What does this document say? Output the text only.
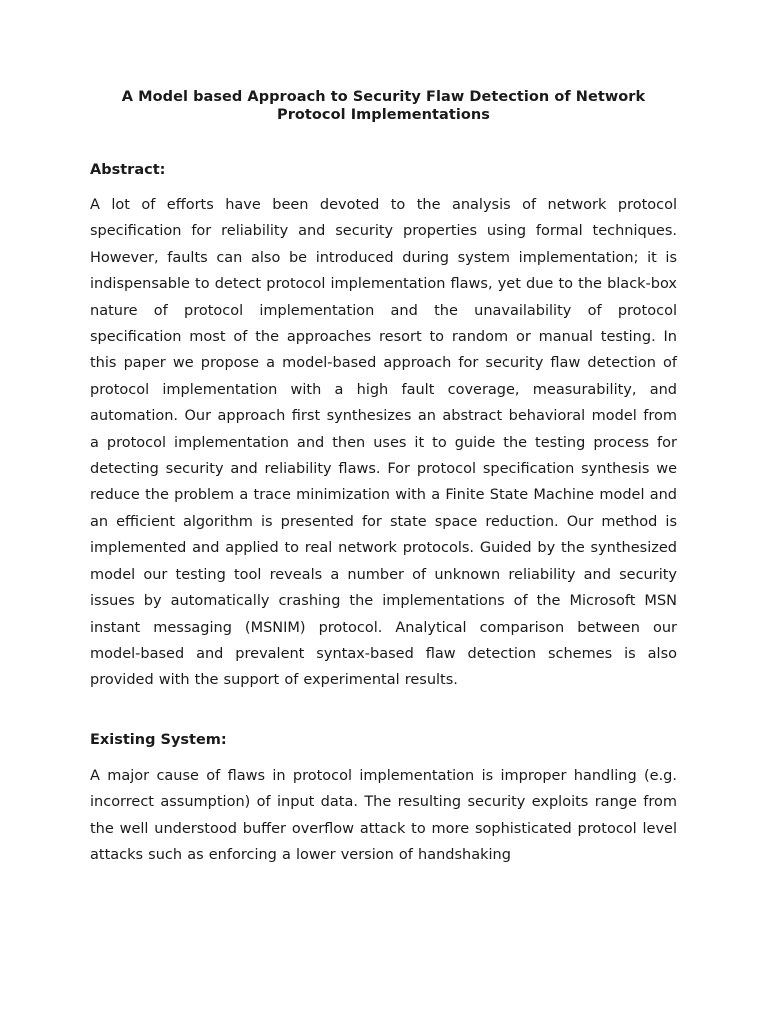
A Model based Approach to Security Flaw Detection of Network Protocol Implementations
Abstract:

A lot of efforts have been devoted to the analysis of network protocol specification for reliability and security properties using formal techniques. However, faults can also be introduced during system implementation; it is indispensable to detect protocol implementation flaws, yet due to the black-box nature of protocol implementation and the unavailability of protocol specification most of the approaches resort to random or manual testing. In this paper we propose a model-based approach for security flaw detection of protocol implementation with a high fault coverage, measurability, and automation. Our approach first synthesizes an abstract behavioral model from a protocol implementation and then uses it to guide the testing process for detecting security and reliability flaws. For protocol specification synthesis we reduce the problem a trace minimization with a Finite State Machine model and an efficient algorithm is presented for state space reduction. Our method is implemented and applied to real network protocols. Guided by the synthesized model our testing tool reveals a number of unknown reliability and security issues by automatically crashing the implementations of the Microsoft MSN instant messaging (MSNIM) protocol. Analytical comparison between our model-based and prevalent syntax-based flaw detection schemes is also provided with the support of experimental results.

Existing System:

A major cause of flaws in protocol implementation is improper handling (e.g. incorrect assumption) of input data. The resulting security exploits range from the well understood buffer overflow attack to more sophisticated protocol level attacks such as enforcing a lower version of handshaking
